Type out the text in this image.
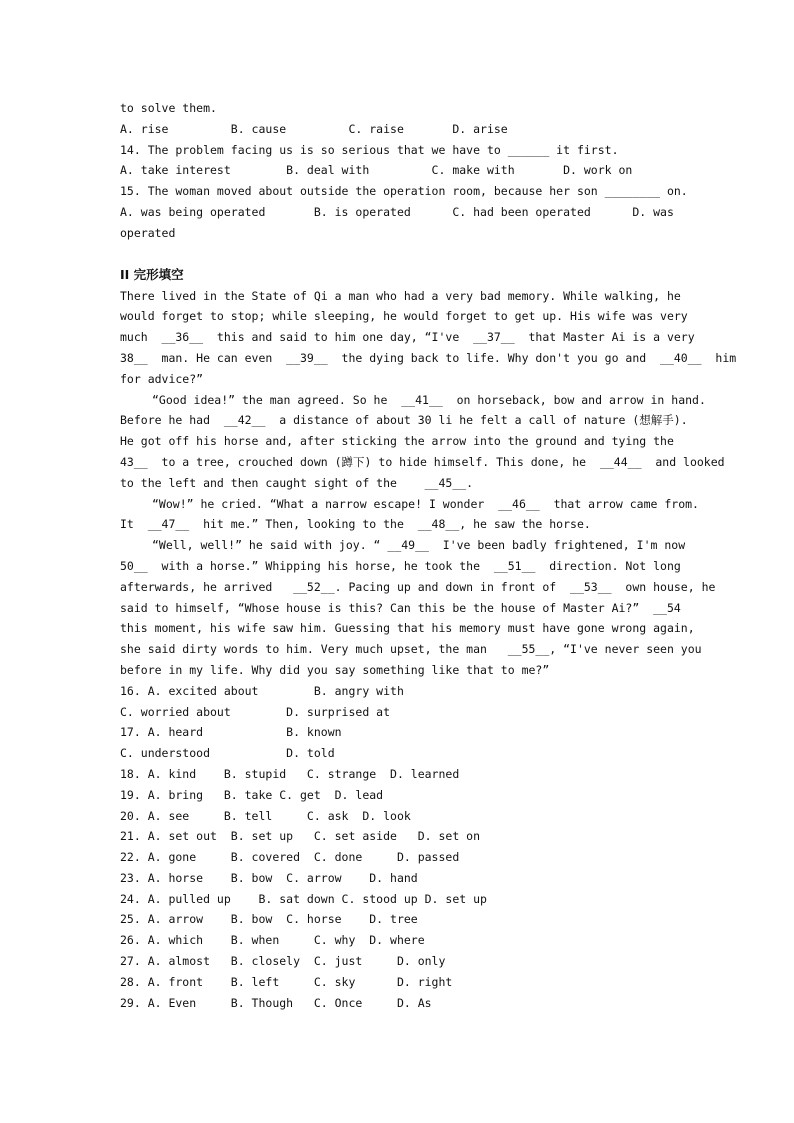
to solve them.
A. rise         B. cause         C. raise       D. arise
14. The problem facing us is so serious that we have to ______ it first.
A. take interest        B. deal with         C. make with       D. work on
15. The woman moved about outside the operation room, because her son ________ on.
A. was being operated       B. is operated      C. had been operated      D. was
operated
II 完形填空
There lived in the State of Qi a man who had a very bad memory. While walking, he
would forget to stop; while sleeping, he would forget to get up. His wife was very
much  __36__  this and said to him one day, “I've  __37__  that Master Ai is a very
38__  man. He can even  __39__  the dying back to life. Why don't you go and  __40__  him
for advice?”
“Good idea!” the man agreed. So he  __41__  on horseback, bow and arrow in hand.
Before he had  __42__  a distance of about 30 li he felt a call of nature (想解手).
He got off his horse and, after sticking the arrow into the ground and tying the
43__  to a tree, crouched down (蹲下) to hide himself. This done, he  __44__  and looked
to the left and then caught sight of the    __45__.
“Wow!” he cried. “What a narrow escape! I wonder  __46__  that arrow came from.
It  __47__  hit me.” Then, looking to the  __48__, he saw the horse.
“Well, well!” he said with joy. “ __49__  I've been badly frightened, I'm now
50__  with a horse.” Whipping his horse, he took the  __51__  direction. Not long
afterwards, he arrived   __52__. Pacing up and down in front of  __53__  own house, he
said to himself, “Whose house is this? Can this be the house of Master Ai?”  __54
this moment, his wife saw him. Guessing that his memory must have gone wrong again,
she said dirty words to him. Very much upset, the man   __55__, “I've never seen you
before in my life. Why did you say something like that to me?”
16. A. excited about        B. angry with
C. worried about        D. surprised at
17. A. heard            B. known
C. understood           D. told
18. A. kind    B. stupid   C. strange  D. learned
19. A. bring   B. take C. get  D. lead
20. A. see     B. tell     C. ask  D. look
21. A. set out  B. set up   C. set aside   D. set on
22. A. gone     B. covered  C. done     D. passed
23. A. horse    B. bow  C. arrow    D. hand
24. A. pulled up    B. sat down C. stood up D. set up
25. A. arrow    B. bow  C. horse    D. tree
26. A. which    B. when     C. why  D. where
27. A. almost   B. closely  C. just     D. only
28. A. front    B. left     C. sky      D. right
29. A. Even     B. Though   C. Once     D. As
